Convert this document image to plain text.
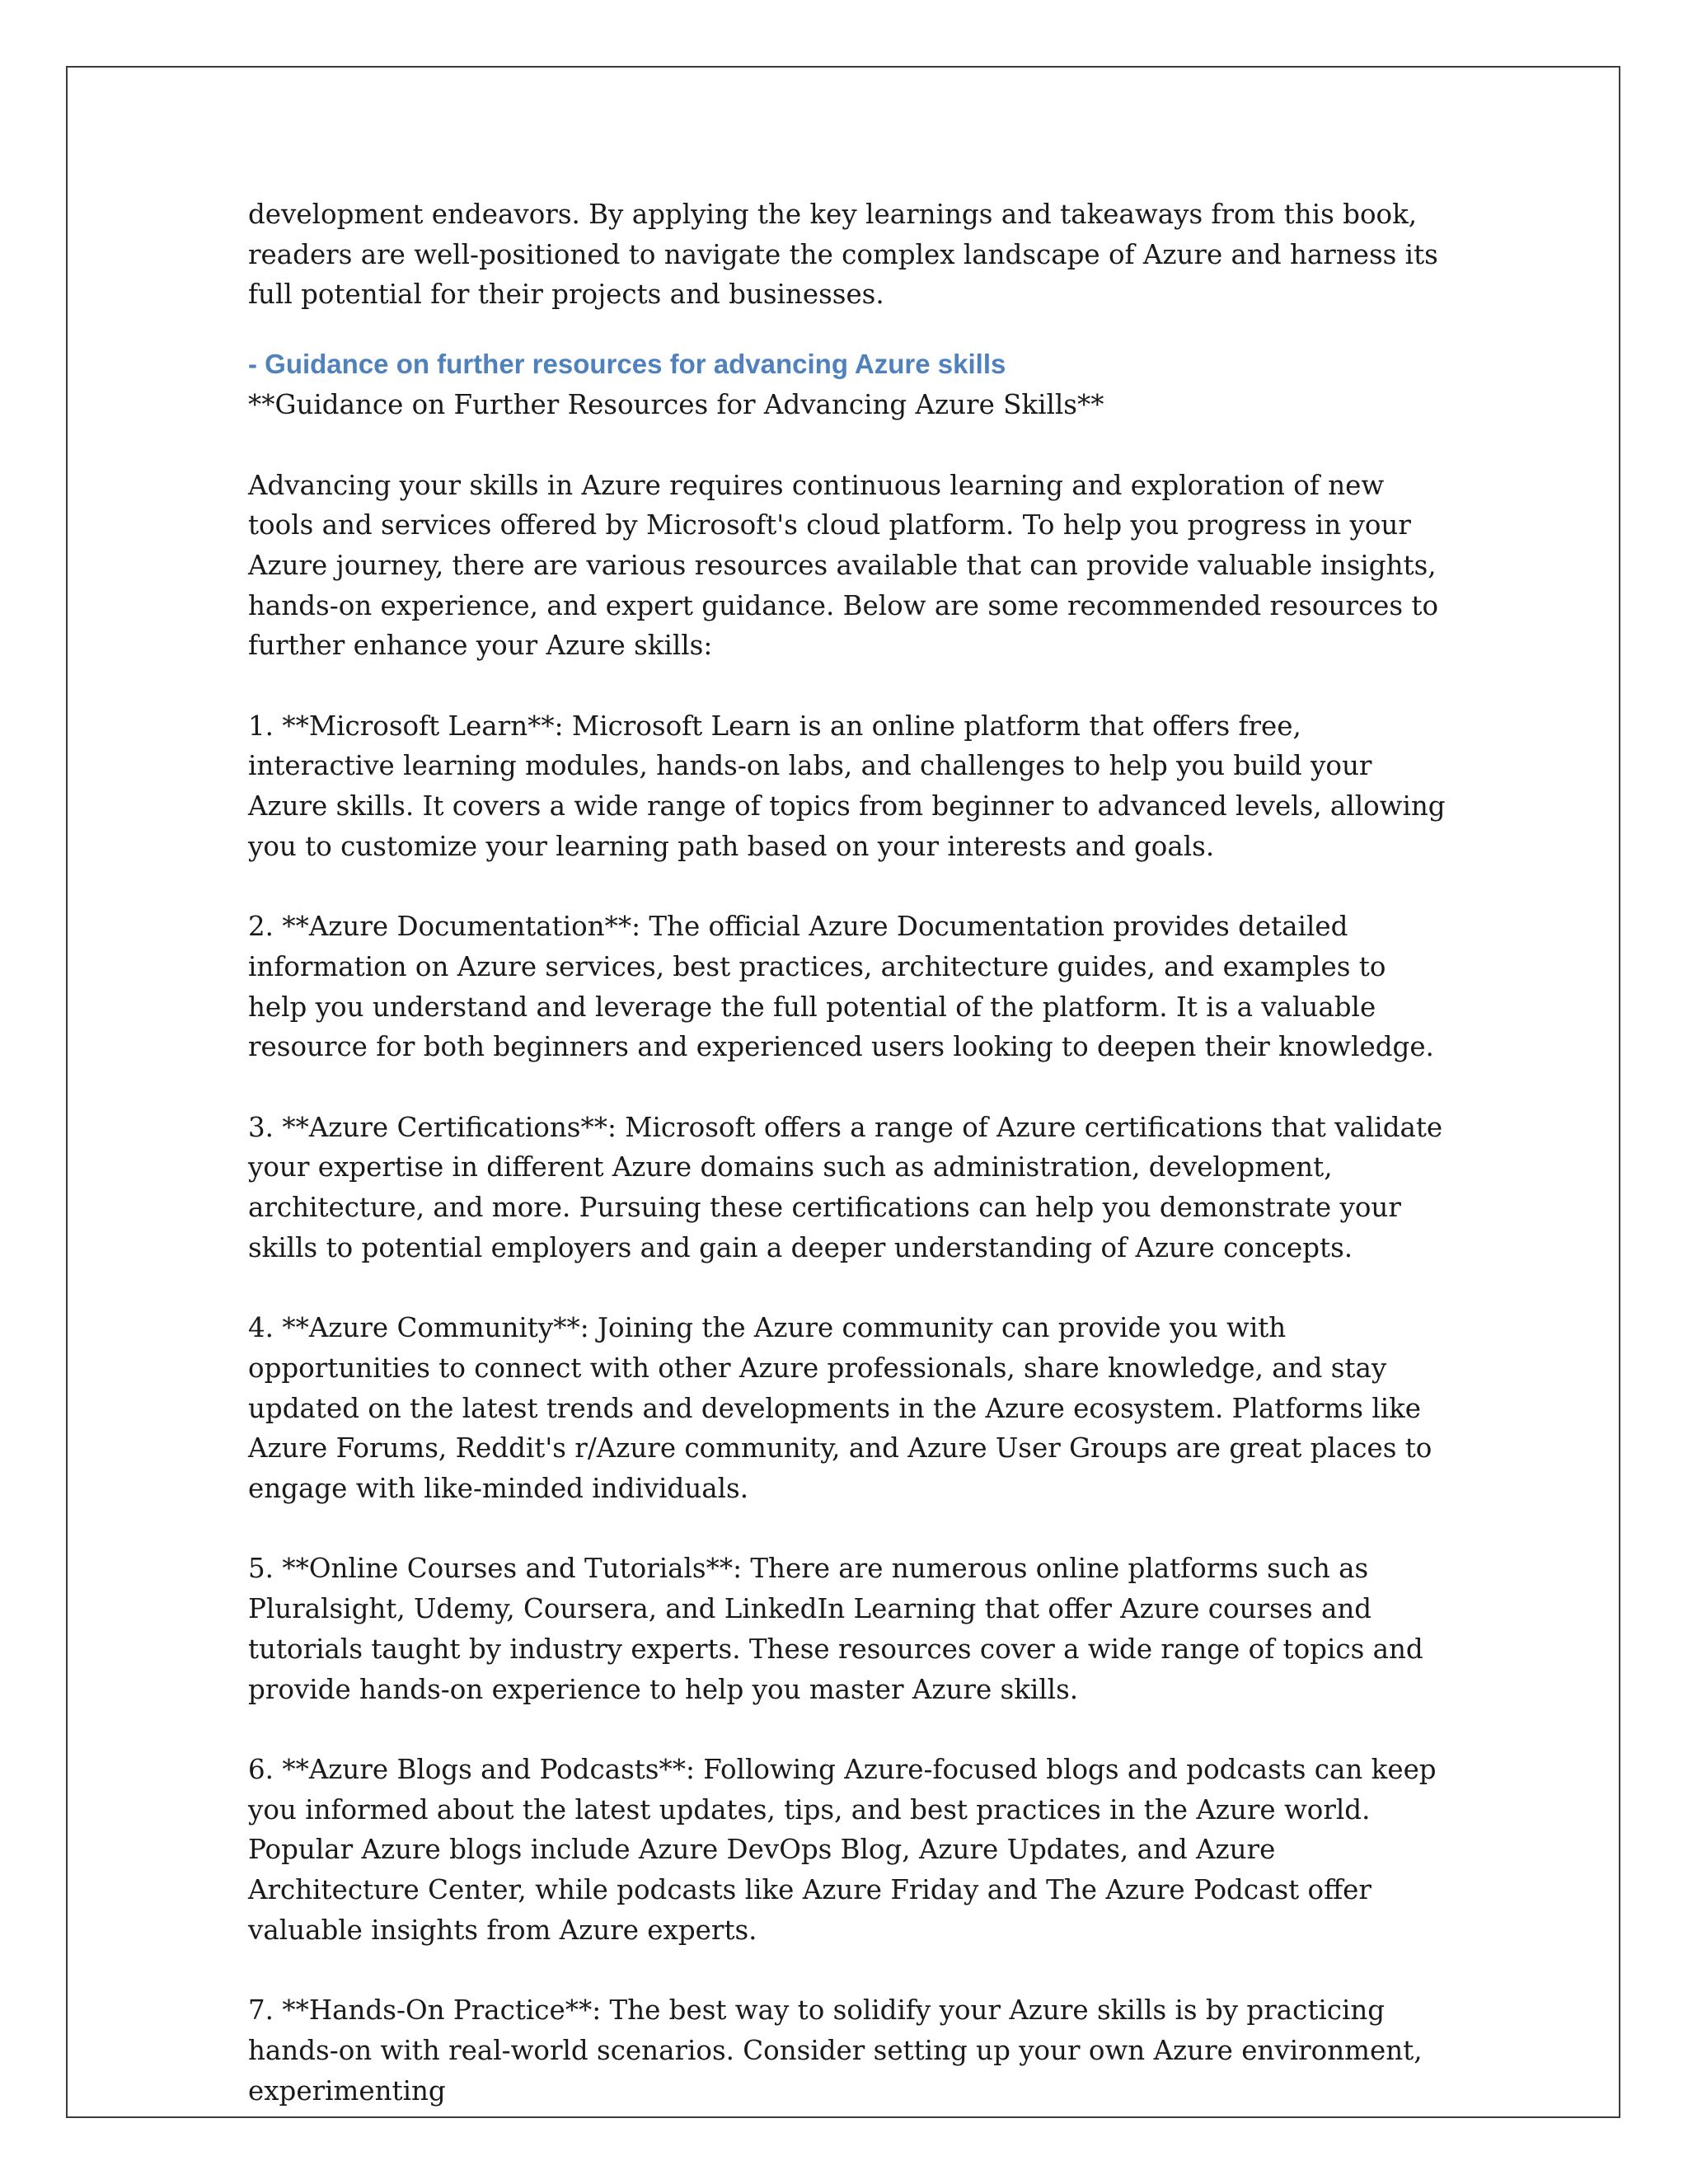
development endeavors. By applying the key learnings and takeaways from this book, readers are well-positioned to navigate the complex landscape of Azure and harness its full potential for their projects and businesses.

- Guidance on further resources for advancing Azure skills

**Guidance on Further Resources for Advancing Azure Skills**

Advancing your skills in Azure requires continuous learning and exploration of new tools and services offered by Microsoft's cloud platform. To help you progress in your Azure journey, there are various resources available that can provide valuable insights, hands-on experience, and expert guidance. Below are some recommended resources to further enhance your Azure skills:

1. **Microsoft Learn**: Microsoft Learn is an online platform that offers free, interactive learning modules, hands-on labs, and challenges to help you build your Azure skills. It covers a wide range of topics from beginner to advanced levels, allowing you to customize your learning path based on your interests and goals.

2. **Azure Documentation**: The official Azure Documentation provides detailed information on Azure services, best practices, architecture guides, and examples to help you understand and leverage the full potential of the platform. It is a valuable resource for both beginners and experienced users looking to deepen their knowledge.

3. **Azure Certifications**: Microsoft offers a range of Azure certifications that validate your expertise in different Azure domains such as administration, development, architecture, and more. Pursuing these certifications can help you demonstrate your skills to potential employers and gain a deeper understanding of Azure concepts.

4. **Azure Community**: Joining the Azure community can provide you with opportunities to connect with other Azure professionals, share knowledge, and stay updated on the latest trends and developments in the Azure ecosystem. Platforms like Azure Forums, Reddit's r/Azure community, and Azure User Groups are great places to engage with like-minded individuals.

5. **Online Courses and Tutorials**: There are numerous online platforms such as Pluralsight, Udemy, Coursera, and LinkedIn Learning that offer Azure courses and tutorials taught by industry experts. These resources cover a wide range of topics and provide hands-on experience to help you master Azure skills.

6. **Azure Blogs and Podcasts**: Following Azure-focused blogs and podcasts can keep you informed about the latest updates, tips, and best practices in the Azure world. Popular Azure blogs include Azure DevOps Blog, Azure Updates, and Azure Architecture Center, while podcasts like Azure Friday and The Azure Podcast offer valuable insights from Azure experts.

7. **Hands-On Practice**: The best way to solidify your Azure skills is by practicing hands-on with real-world scenarios. Consider setting up your own Azure environment, experimenting
